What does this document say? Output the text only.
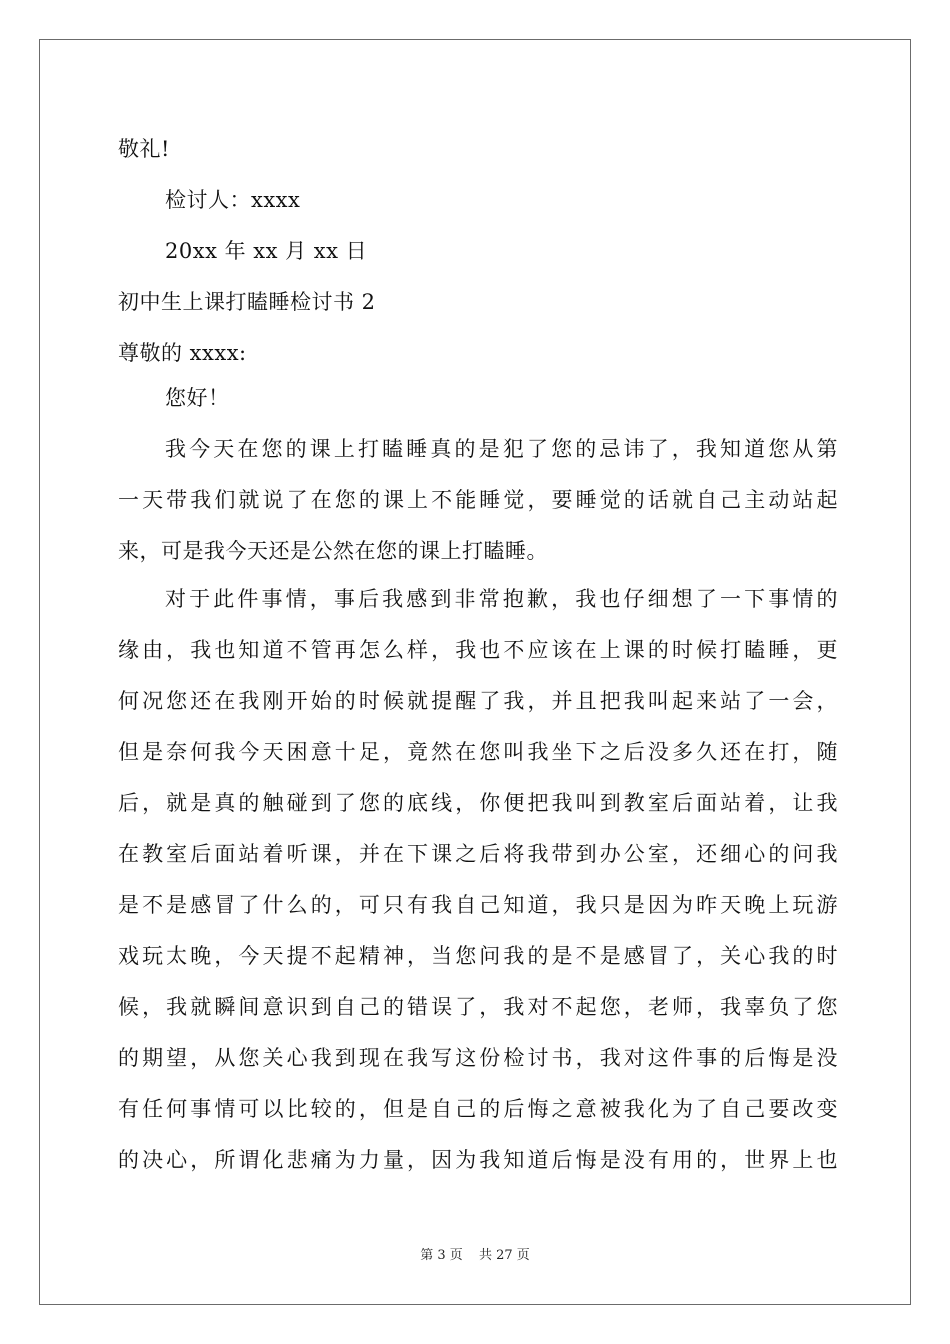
敬礼!
检讨人：xxxx
20xx 年 xx 月 xx 日
初中生上课打瞌睡检讨书 2
尊敬的 xxxx:
您好！
我今天在您的课上打瞌睡真的是犯了您的忌讳了，我知道您从第
一天带我们就说了在您的课上不能睡觉，要睡觉的话就自己主动站起
来，可是我今天还是公然在您的课上打瞌睡。
对于此件事情，事后我感到非常抱歉，我也仔细想了一下事情的
缘由，我也知道不管再怎么样，我也不应该在上课的时候打瞌睡，更
何况您还在我刚开始的时候就提醒了我，并且把我叫起来站了一会，
但是奈何我今天困意十足，竟然在您叫我坐下之后没多久还在打，随
后，就是真的触碰到了您的底线，你便把我叫到教室后面站着，让我
在教室后面站着听课，并在下课之后将我带到办公室，还细心的问我
是不是感冒了什么的，可只有我自己知道，我只是因为昨天晚上玩游
戏玩太晚，今天提不起精神，当您问我的是不是感冒了，关心我的时
候，我就瞬间意识到自己的错误了，我对不起您，老师，我辜负了您
的期望，从您关心我到现在我写这份检讨书，我对这件事的后悔是没
有任何事情可以比较的，但是自己的后悔之意被我化为了自己要改变
的决心，所谓化悲痛为力量，因为我知道后悔是没有用的，世界上也
第 3 页 共 27 页
